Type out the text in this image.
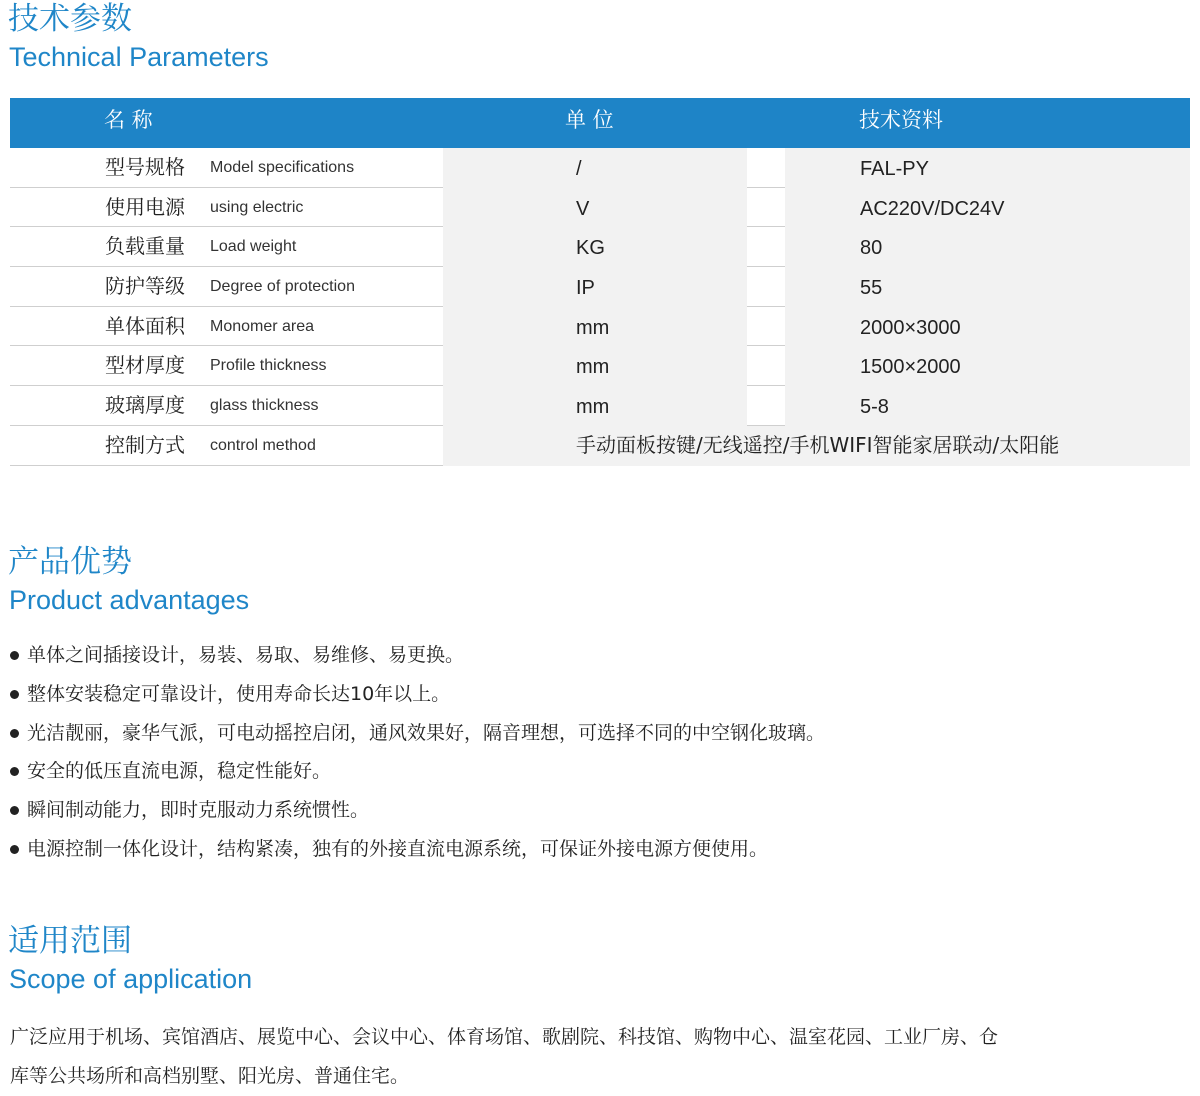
技术参数
Technical Parameters
名 称	单 位	技术资料
型号规格 Model specifications	/	FAL-PY
使用电源 using electric	V	AC220V/DC24V
负载重量 Load weight	KG	80
防护等级 Degree of protection	IP	55
单体面积 Monomer area	mm	2000×3000
型材厚度 Profile thickness	mm	1500×2000
玻璃厚度 glass thickness	mm	5-8
控制方式 control method	手动面板按键/无线遥控/手机WIFI智能家居联动/太阳能
产品优势
Product advantages
单体之间插接设计，易装、易取、易维修、易更换。
整体安装稳定可靠设计，使用寿命长达10年以上。
光洁靓丽，豪华气派，可电动摇控启闭，通风效果好，隔音理想，可选择不同的中空钢化玻璃。
安全的低压直流电源，稳定性能好。
瞬间制动能力，即时克服动力系统惯性。
电源控制一体化设计，结构紧凑，独有的外接直流电源系统，可保证外接电源方便使用。
适用范围
Scope of application
广泛应用于机场、宾馆酒店、展览中心、会议中心、体育场馆、歌剧院、科技馆、购物中心、温室花园、工业厂房、仓库等公共场所和高档别墅、阳光房、普通住宅。
